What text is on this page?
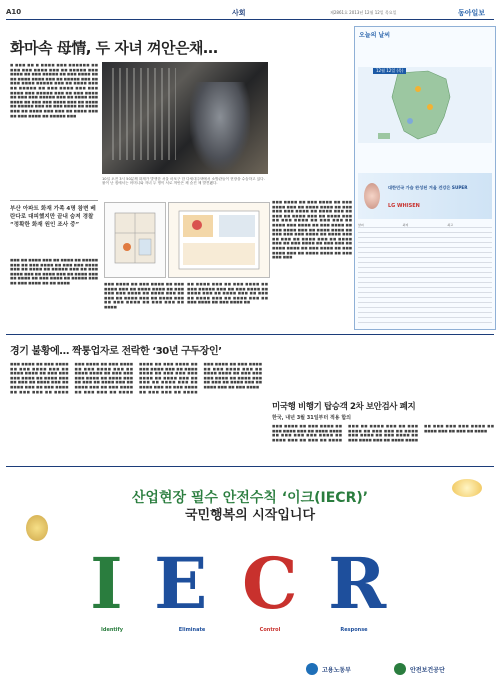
A10	사회	제2861호 2013년 12월 12일 목요일	동아일보
화마속 母情, 두 자녀 껴안은채…
■ ■■■ ■■ ■ ■■■■ ■■■ ■■■■■■ ■■ ■■■ ■■■ ■■■■ ■■■ ■■ ■■■■■ ■■■ ■■■■ ■■ ■■■ ■■■■■ ■■ ■■■ ■■■■ ■■ ■■ ■■■■ ■■■■ ■■■ ■■ ■■■■■ ■■■ ■■ ■■■ ■■■■ ■■■■■ ■■■ ■■ ■■■■ ■■■ ■■ ■■■■■ ■■ ■■■ ■■■■ ■■■ ■■■ ■■■■ ■■■ ■■■■■ ■■■ ■■ ■■■ ■■■■ ■■ ■■■ ■■■ ■■■■■ ■■■ ■■ ■■■■ ■■■ ■■■■ ■■ ■■■ ■■■ ■■■■ ■■■ ■■ ■■■■ ■■ ■■■■■ ■■■ ■■ ■■■ ■■■■ ■■ ■■■■ ■■■ ■■ ■■■■ ■■■ ■■■ ■■ ■■■■ ■■■ ■■ ■■■ ■■■■ ■■ ■■■■■ ■■■
10일 오전 3시 50분께 화재가 발생한 서울 마포구 한 다세대주택에서 소방관들이 현장을 수습하고 있다. 불이 난 집에서는 어머니와 자녀 두 명이 서로 껴안은 채 숨진 채 발견됐다.
부산 아파트 화재 가족 4명 참변 베란다로 대피했지만 끝내 숨져 경찰 “정확한 화재 원인 조사 중”
■■■ ■■ ■■■■ ■■■ ■■ ■■■■ ■■ ■■■■■ ■■■ ■■ ■■■ ■■■■ ■■ ■■■ ■■■ ■■■■ ■■■ ■■ ■■■■ ■■ ■■■■■ ■■■ ■■ ■■■ ■■■■ ■■■ ■■ ■■■■ ■■■ ■■ ■■■■ ■■■ ■■ ■■■■ ■■ ■■■ ■■■■ ■■ ■■■■■ ■■■ ■■ ■■■ ■■■■ ■■ ■■ ■■■■	■■■ ■■■■ ■■ ■■■ ■■■■ ■■ ■■■ ■■■■ ■■■ ■■ ■■■■ ■■■■ ■■ ■■■ ■■■ ■■■ ■■■■ ■■ ■■■■ ■■■ ■■ ■■■ ■■ ■■■■ ■■■ ■■ ■■■■ ■■■ ■■ ■■■ ■■■■ ■■ ■■■ ■■■ ■■ ■■■■
■■ ■■■■ ■■■ ■■ ■■■ ■■■■ ■■ ■■■ ■■■■■ ■■■ ■■ ■■■ ■■■■ ■■ ■■■■ ■■■ ■■ ■■■■ ■■■ ■■ ■■■ ■■ ■■■■ ■■■ ■■ ■■■■ ■■■ ■■ ■■■ ■■■■ ■■ ■■■ ■■■■ ■■
■■■ ■■■■ ■■ ■■■ ■■■■ ■■ ■■■ ■■■■ ■■■ ■■ ■■■■ ■■■■ ■■ ■■■ ■■■ ■■■ ■■■■ ■■ ■■■■ ■■■ ■■ ■■■ ■■ ■■■■ ■■■ ■■ ■■■■ ■■■ ■■ ■■■ ■■■■ ■■ ■■■ ■■■ ■■ ■■■■ ■■■ ■■■■ ■■ ■■■ ■■■■ ■■ ■■■ ■■■■ ■■■ ■■ ■■■■ ■■■■ ■■ ■■■ ■■■ ■■■ ■■■■ ■■ ■■■■ ■■■ ■■ ■■■ ■■ ■■■■ ■■■ ■■ ■■■■ ■■■ ■■ ■■■ ■■■■ ■■ ■■■ ■■■ ■■ ■■■■ ■■■■ ■■ ■■■ ■■■■ ■■ ■■■ ■■■■ ■■■ ■■ ■■■■ ■■■■ ■■ ■■■ ■■■ ■■■
오늘의 날씨
12월 12일 (목)
대한민국 가습 완성된 겨울 건강은 SUPER
LG WHISEN
날씨	최저	최고

경기 불황에… 짝퉁업자로 전락한 ‘30년 구두장인’
■■■ ■■■■ ■■ ■■■ ■■■■ ■■ ■■■ ■■■■ ■■■ ■■ ■■■■ ■■■■ ■■ ■■■ ■■■ ■■■ ■■■■ ■■ ■■■■ ■■■ ■■ ■■■ ■■ ■■■■ ■■■ ■■ ■■■■ ■■■ ■■ ■■■ ■■■■ ■■ ■■■ ■■■ ■■ ■■■■ ■■■ ■■■■ ■■ ■■■ ■■■■ ■■ ■■■ ■■■■ ■■■ ■■ ■■■■ ■■■■ ■■ ■■■ ■■■ ■■■ ■■■■ ■■ ■■■■ ■■■ ■■ ■■■ ■■ ■■■■ ■■■ ■■ ■■■■ ■■■ ■■ ■■■ ■■■■ ■■ ■■■ ■■■ ■■ ■■■■ ■■■■ ■■ ■■■ ■■■■ ■■ ■■■ ■■■■ ■■■ ■■ ■■■■ ■■■■ ■■ ■■■ ■■■ ■■■ ■■■■ ■■ ■■■■ ■■■ ■■ ■■■ ■■ ■■■■ ■■■ ■■ ■■■■ ■■■ ■■ ■■■ ■■■■ ■■ ■■■ ■■■ ■■ ■■■■ ■■■ ■■■■ ■■ ■■■ ■■■■ ■■ ■■■ ■■■■ ■■■ ■■ ■■■■ ■■■■ ■■ ■■■ ■■■ ■■■ ■■■■ ■■ ■■■■ ■■■ ■■ ■■■ ■■ ■■■■ ■■■ ■■ ■■■■ ■■■ ■■ ■■■ ■■■■
미국행 비행기 탑승객 2차 보안검사 폐지
한국, 내년 3월 31일부터 적용 합의
■■■ ■■■■ ■■ ■■■ ■■■■ ■■ ■■■ ■■■■ ■■■ ■■ ■■■■ ■■■■ ■■ ■■■ ■■■ ■■■ ■■■■ ■■ ■■■■ ■■■ ■■ ■■■ ■■ ■■■■ ■■■ ■■ ■■■■ ■■■ ■■ ■■■ ■■■■ ■■ ■■■ ■■■ ■■ ■■■■ ■■■ ■■■■ ■■ ■■■ ■■■■ ■■ ■■■ ■■■■ ■■■ ■■ ■■■■ ■■■■ ■■ ■■■ ■■■ ■■■ ■■■■ ■■ ■■■■ ■■■ ■■ ■■■ ■■ ■■■■
산업현장 필수 안전수칙 ‘이크(IECR)’
국민행복의 시작입니다
I E C R
Identify	Eliminate	Control	Response
고용노동부	안전보건공단
